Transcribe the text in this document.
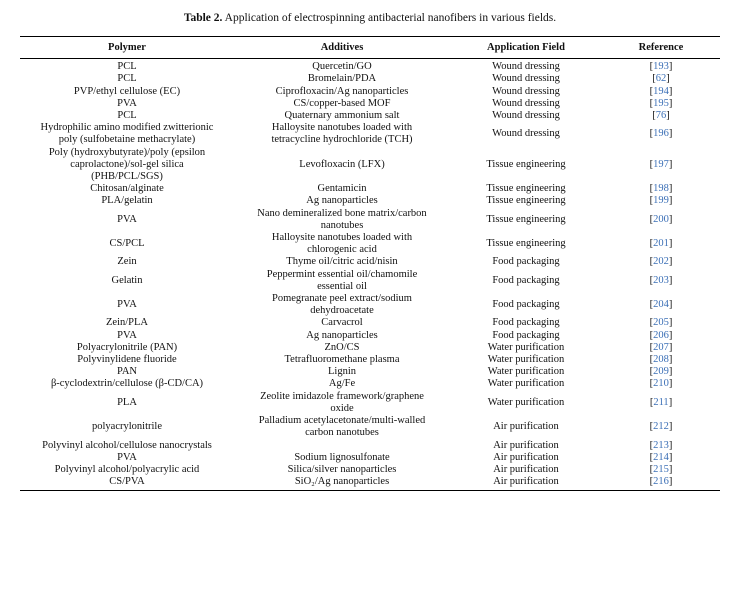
Table 2. Application of electrospinning antibacterial nanofibers in various fields.
Polymer	Additives	Application Field	Reference
PCL	Quercetin/GO	Wound dressing	[193]
PCL	Bromelain/PDA	Wound dressing	[62]
PVP/ethyl cellulose (EC)	Ciprofloxacin/Ag nanoparticles	Wound dressing	[194]
PVA	CS/copper-based MOF	Wound dressing	[195]
PCL	Quaternary ammonium salt	Wound dressing	[76]
Hydrophilic amino modified zwitterionic
poly (sulfobetaine methacrylate)	Halloysite nanotubes loaded with
tetracycline hydrochloride (TCH)	Wound dressing	[196]
Poly (hydroxybutyrate)/poly (epsilon
caprolactone)/sol-gel silica
(PHB/PCL/SGS)	Levofloxacin (LFX)	Tissue engineering	[197]
Chitosan/alginate	Gentamicin	Tissue engineering	[198]
PLA/gelatin	Ag nanoparticles	Tissue engineering	[199]
PVA	Nano demineralized bone matrix/carbon
nanotubes	Tissue engineering	[200]
CS/PCL	Halloysite nanotubes loaded with
chlorogenic acid	Tissue engineering	[201]
Zein	Thyme oil/citric acid/nisin	Food packaging	[202]
Gelatin	Peppermint essential oil/chamomile
essential oil	Food packaging	[203]
PVA	Pomegranate peel extract/sodium
dehydroacetate	Food packaging	[204]
Zein/PLA	Carvacrol	Food packaging	[205]
PVA	Ag nanoparticles	Food packaging	[206]
Polyacrylonitrile (PAN)	ZnO/CS	Water purification	[207]
Polyvinylidene fluoride	Tetrafluoromethane plasma	Water purification	[208]
PAN	Lignin	Water purification	[209]
β-cyclodextrin/cellulose (β-CD/CA)	Ag/Fe	Water purification	[210]
PLA	Zeolite imidazole framework/graphene
oxide	Water purification	[211]
polyacrylonitrile	Palladium acetylacetonate/multi-walled
carbon nanotubes	Air purification	[212]
Polyvinyl alcohol/cellulose nanocrystals		Air purification	[213]
PVA	Sodium lignosulfonate	Air purification	[214]
Polyvinyl alcohol/polyacrylic acid	Silica/silver nanoparticles	Air purification	[215]
CS/PVA	SiO₂/Ag nanoparticles	Air purification	[216]
